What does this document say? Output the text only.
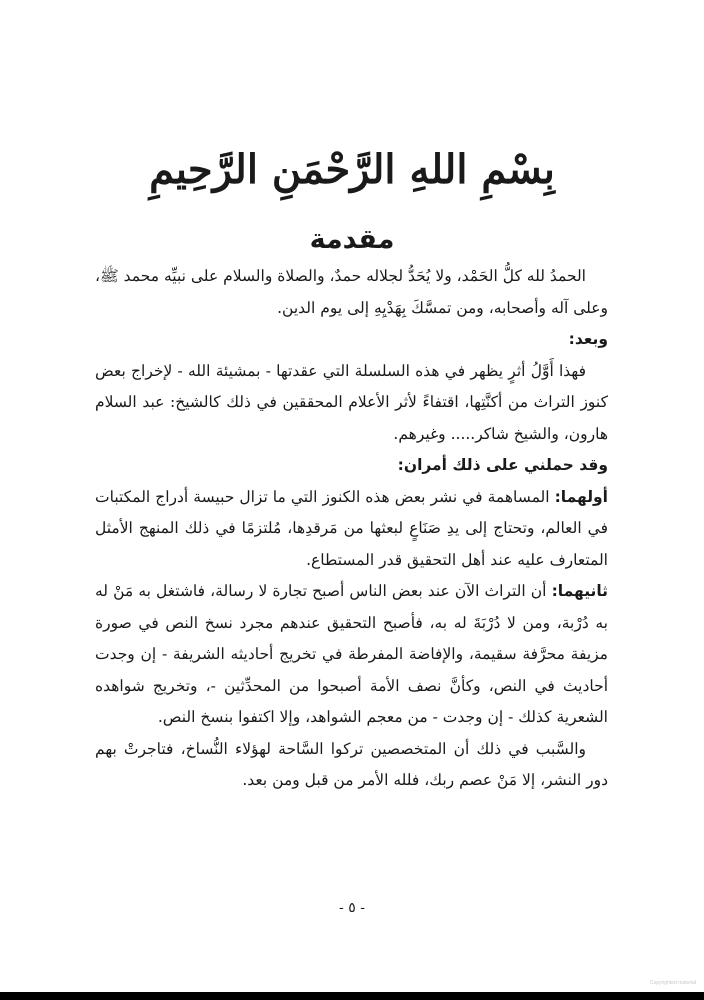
بِسْمِ اللهِ الرَّحْمَنِ الرَّحِيمِ
مقدمة

الحمدُ لله كلُّ الحَمْد، ولا يُحَدُّ لجلاله حمدٌ، والصلاة والسلام على نبيِّه محمد ﷺ، وعلى آله وأصحابه، ومن تمسَّكَ بِهَدْيِهِ إلى يوم الدين.

وبعد:

فهذا أَوَّلُ أثرٍ يظهر في هذه السلسلة التي عقدتها - بمشيئة الله - لإخراج بعض كنوز التراث من أكنَّتِها، اقتفاءً لأثر الأعلام المحققين في ذلك كالشيخ: عبد السلام هارون، والشيخ شاكر..... وغيرهم.

وقد حملني على ذلك أمران:

أولهما: المساهمة في نشر بعض هذه الكنوز التي ما تزال حبيسة أدراج المكتبات في العالم، وتحتاج إلى يدِ صَنَاعٍ لبعثها من مَرقدِها، مُلتزمًا في ذلك المنهج الأمثل المتعارف عليه عند أهل التحقيق قدر المستطاع.

ثانيهما: أن التراث الآن عند بعض الناس أصبح تجارة لا رسالة، فاشتغل به مَنْ له به دُرْبة، ومن لا دُرْبَةَ له به، فأصبح التحقيق عندهم مجرد نسخ النص في صورة مزيفة محرَّفة سقيمة، والإفاضة المفرطة في تخريج أحاديثه الشريفة - إن وجدت أحاديث في النص، وكأنَّ نصف الأمة أصبحوا من المحدِّثين -، وتخريج شواهده الشعرية كذلك - إن وجدت - من معجم الشواهد، وإلا اكتفوا بنسخ النص.

والسَّبب في ذلك أن المتخصصين تركوا السَّاحة لهؤلاء النُّساخ، فتاجرتْ بهم دور النشر، إلا مَنْ عصم ربك، فلله الأمر من قبل ومن بعد.

- ٥ -
Copyrighted material
